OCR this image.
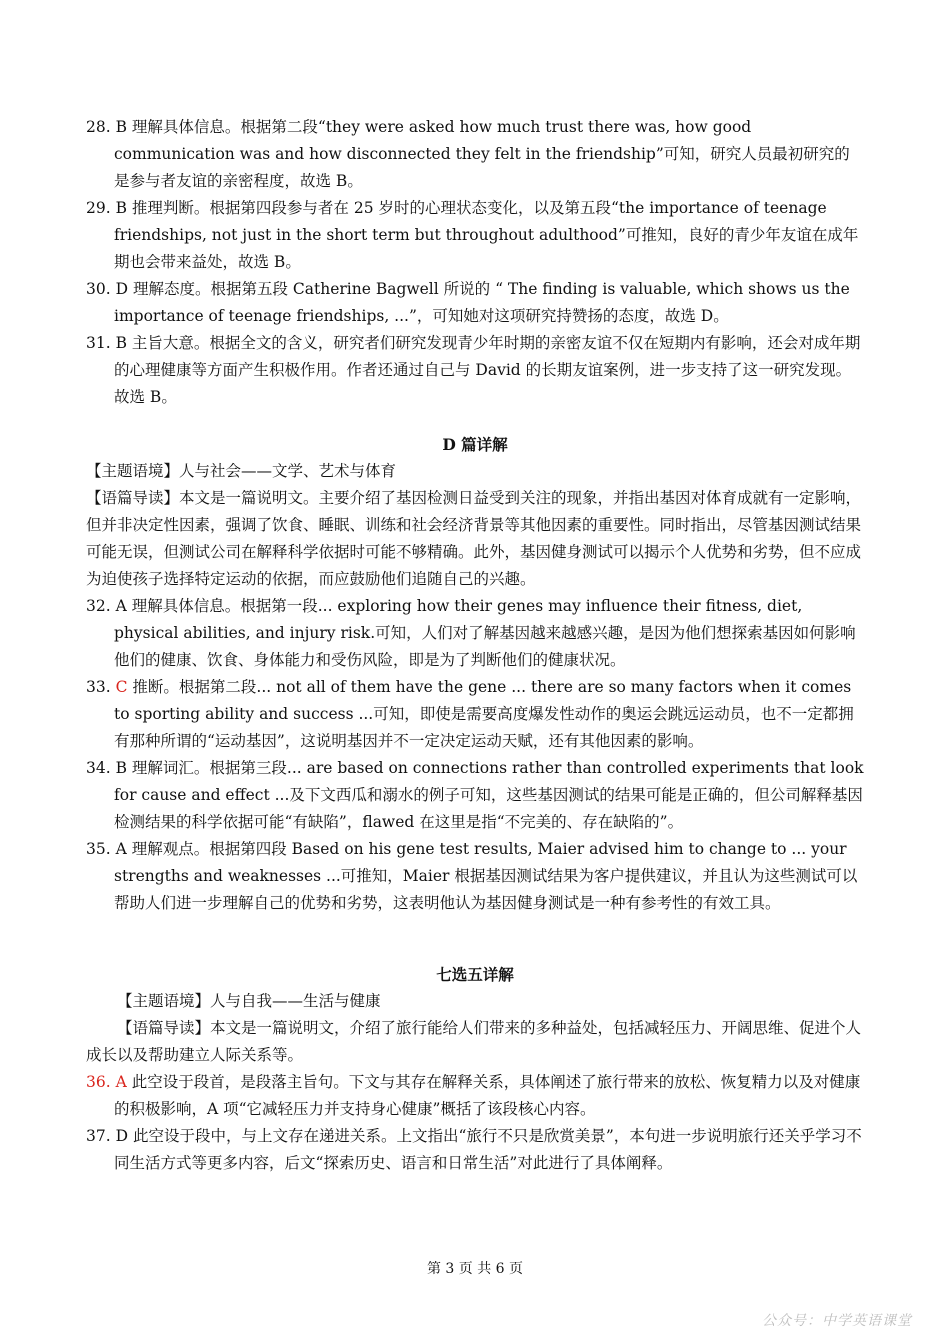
28. B 理解具体信息。根据第二段“they were asked how much trust there was, how good communication was and how disconnected they felt in the friendship”可知，研究人员最初研究的是参与者友谊的亲密程度，故选 B。

29. B 推理判断。根据第四段参与者在 25 岁时的心理状态变化，以及第五段“the importance of teenage friendships, not just in the short term but throughout adulthood”可推知，良好的青少年友谊在成年期也会带来益处，故选 B。

30. D 理解态度。根据第五段 Catherine Bagwell 所说的 “ The finding is valuable, which shows us the importance of teenage friendships, ...”，可知她对这项研究持赞扬的态度，故选 D。

31. B 主旨大意。根据全文的含义，研究者们研究发现青少年时期的亲密友谊不仅在短期内有影响，还会对成年期的心理健康等方面产生积极作用。作者还通过自己与 David 的长期友谊案例，进一步支持了这一研究发现。故选 B。

D 篇详解

【主题语境】人与社会——文学、艺术与体育

【语篇导读】本文是一篇说明文。主要介绍了基因检测日益受到关注的现象，并指出基因对体育成就有一定影响，但并非决定性因素，强调了饮食、睡眠、训练和社会经济背景等其他因素的重要性。同时指出，尽管基因测试结果可能无误，但测试公司在解释科学依据时可能不够精确。此外，基因健身测试可以揭示个人优势和劣势，但不应成为迫使孩子选择特定运动的依据，而应鼓励他们追随自己的兴趣。

32. A 理解具体信息。根据第一段... exploring how their genes may influence their fitness, diet, physical abilities, and injury risk.可知，人们对了解基因越来越感兴趣，是因为他们想探索基因如何影响他们的健康、饮食、身体能力和受伤风险，即是为了判断他们的健康状况。

33. C 推断。根据第二段... not all of them have the gene ... there are so many factors when it comes to sporting ability and success ...可知，即使是需要高度爆发性动作的奥运会跳远运动员，也不一定都拥有那种所谓的“运动基因”，这说明基因并不一定决定运动天赋，还有其他因素的影响。

34. B 理解词汇。根据第三段... are based on connections rather than controlled experiments that look for cause and effect ...及下文西瓜和溺水的例子可知，这些基因测试的结果可能是正确的，但公司解释基因检测结果的科学依据可能“有缺陷”，flawed 在这里是指“不完美的、存在缺陷的”。

35. A 理解观点。根据第四段 Based on his gene test results, Maier advised him to change to ... your strengths and weaknesses ...可推知，Maier 根据基因测试结果为客户提供建议，并且认为这些测试可以帮助人们进一步理解自己的优势和劣势，这表明他认为基因健身测试是一种有参考性的有效工具。

七选五详解

【主题语境】人与自我——生活与健康

【语篇导读】本文是一篇说明文，介绍了旅行能给人们带来的多种益处，包括减轻压力、开阔思维、促进个人成长以及帮助建立人际关系等。

36. A 此空设于段首，是段落主旨句。下文与其存在解释关系，具体阐述了旅行带来的放松、恢复精力以及对健康的积极影响，A 项“它减轻压力并支持身心健康”概括了该段核心内容。

37. D 此空设于段中，与上文存在递进关系。上文指出“旅行不只是欣赏美景”，本句进一步说明旅行还关乎学习不同生活方式等更多内容，后文“探索历史、语言和日常生活”对此进行了具体阐释。

第 3 页 共 6 页
公众号：中学英语课堂
